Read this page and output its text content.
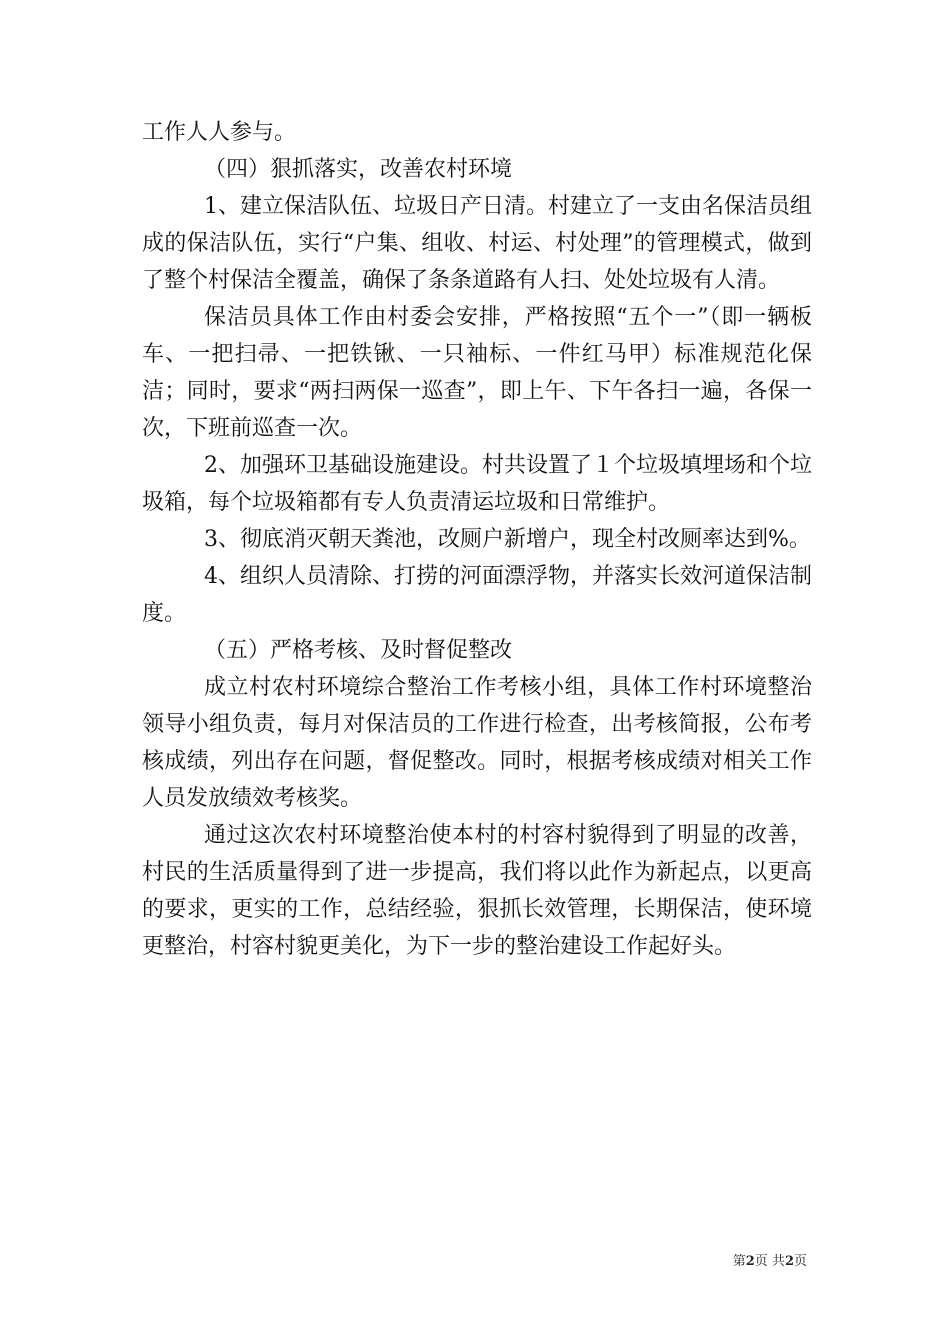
工作人人参与。

（四）狠抓落实，改善农村环境

1、建立保洁队伍、垃圾日产日清。村建立了一支由名保洁员组成的保洁队伍，实行“户集、组收、村运、村处理”的管理模式，做到了整个村保洁全覆盖，确保了条条道路有人扫、处处垃圾有人清。

保洁员具体工作由村委会安排，严格按照“五个一”（即一辆板车、一把扫帚、一把铁锹、一只袖标、一件红马甲）标准规范化保洁；同时，要求“两扫两保一巡查”，即上午、下午各扫一遍，各保一次，下班前巡查一次。

2、加强环卫基础设施建设。村共设置了１个垃圾填埋场和个垃圾箱，每个垃圾箱都有专人负责清运垃圾和日常维护。

3、彻底消灭朝天粪池，改厕户新增户，现全村改厕率达到%。

4、组织人员清除、打捞的河面漂浮物，并落实长效河道保洁制度。

（五）严格考核、及时督促整改

成立村农村环境综合整治工作考核小组，具体工作村环境整治领导小组负责，每月对保洁员的工作进行检查，出考核简报，公布考核成绩，列出存在问题，督促整改。同时，根据考核成绩对相关工作人员发放绩效考核奖。

通过这次农村环境整治使本村的村容村貌得到了明显的改善，村民的生活质量得到了进一步提高，我们将以此作为新起点，以更高的要求，更实的工作，总结经验，狠抓长效管理，长期保洁，使环境更整治，村容村貌更美化，为下一步的整治建设工作起好头。

第2页 共2页
